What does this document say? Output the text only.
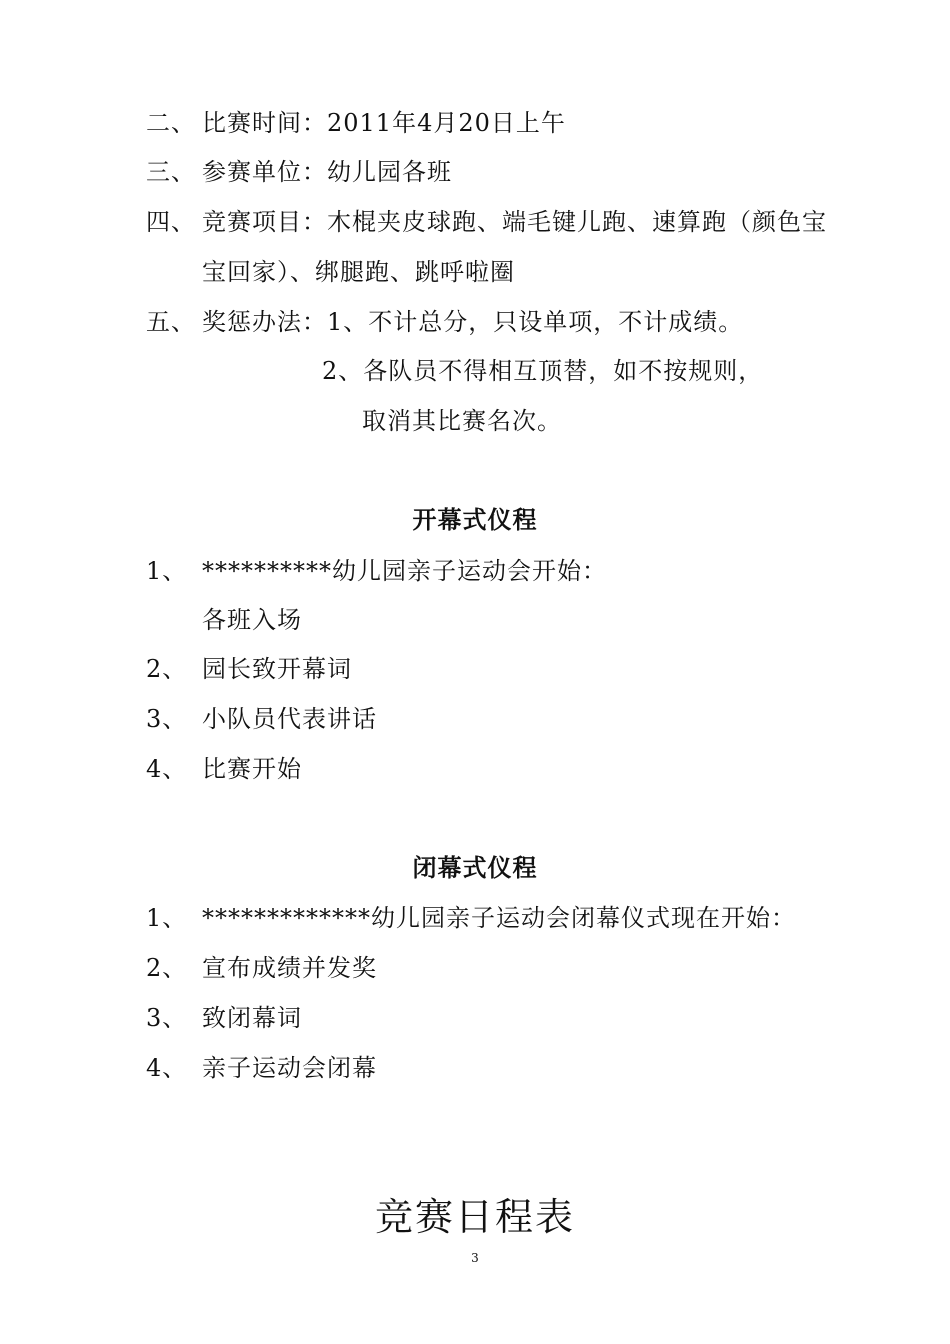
二、 比赛时间：2011年4月20日上午
三、 参赛单位：幼儿园各班
四、 竞赛项目：木棍夹皮球跑、端毛键儿跑、速算跑（颜色宝
宝回家）、绑腿跑、跳呼啦圈
五、 奖惩办法：1、不计总分，只设单项，不计成绩。
2、各队员不得相互顶替，如不按规则，
取消其比赛名次。
开幕式仪程
1、 **********幼儿园亲子运动会开始：
各班入场
2、 园长致开幕词
3、 小队员代表讲话
4、 比赛开始
闭幕式仪程
1、 *************幼儿园亲子运动会闭幕仪式现在开始：
2、 宣布成绩并发奖
3、 致闭幕词
4、 亲子运动会闭幕
竞赛日程表
3
